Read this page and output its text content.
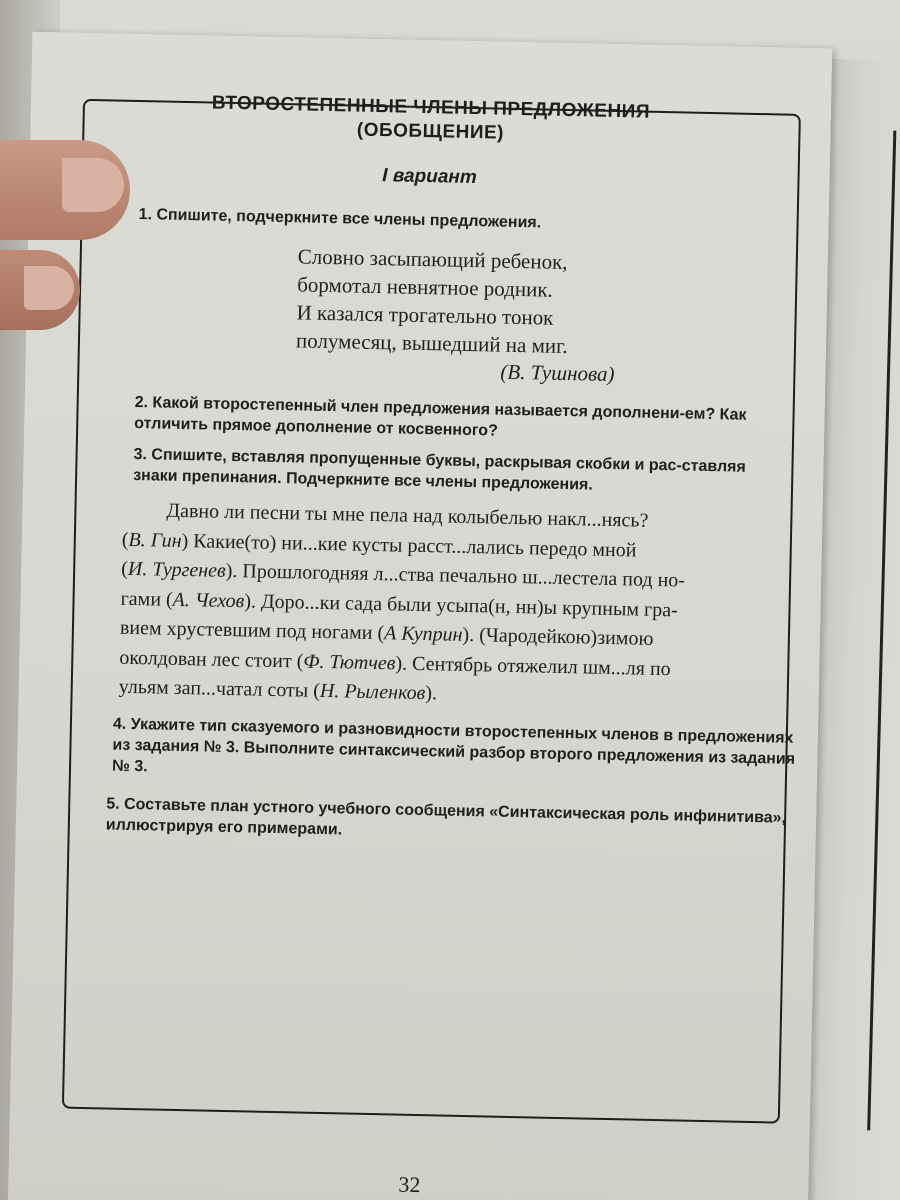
ВТОРОСТЕПЕННЫЕ ЧЛЕНЫ ПРЕДЛОЖЕНИЯ
(ОБОБЩЕНИЕ)
I вариант
1. Спишите, подчеркните все члены предложения.
Словно засыпающий ребенок,
бормотал невнятное родник.
И казался трогательно тонок
полумесяц, вышедший на миг.
(В. Тушнова)
2. Какой второстепенный член предложения называется дополнени-ем? Как отличить прямое дополнение от косвенного?
3. Спишите, вставляя пропущенные буквы, раскрывая скобки и рас-ставляя знаки препинания. Подчеркните все члены предложения.
Давно ли песни ты мне пела над колыбелью накл...нясь?
(В. Гин) Какие(то) ни...кие кусты расст...лались передо мной
(И. Тургенев). Прошлогодняя л...ства печально ш...лестела под но-
гами (А. Чехов). Доро...ки сада были усыпа(н, нн)ы крупным гра-
вием хрустевшим под ногами (А Куприн). (Чародейкою)зимою
околдован лес стоит (Ф. Тютчев). Сентябрь отяжелил шм...ля по
ульям зап...чатал соты (Н. Рыленков).
4. Укажите тип сказуемого и разновидности второстепенных членов в предложениях из задания № 3. Выполните синтаксический разбор второго предложения из задания № 3.
5. Составьте план устного учебного сообщения «Синтаксическая роль инфинитива», иллюстрируя его примерами.
32
